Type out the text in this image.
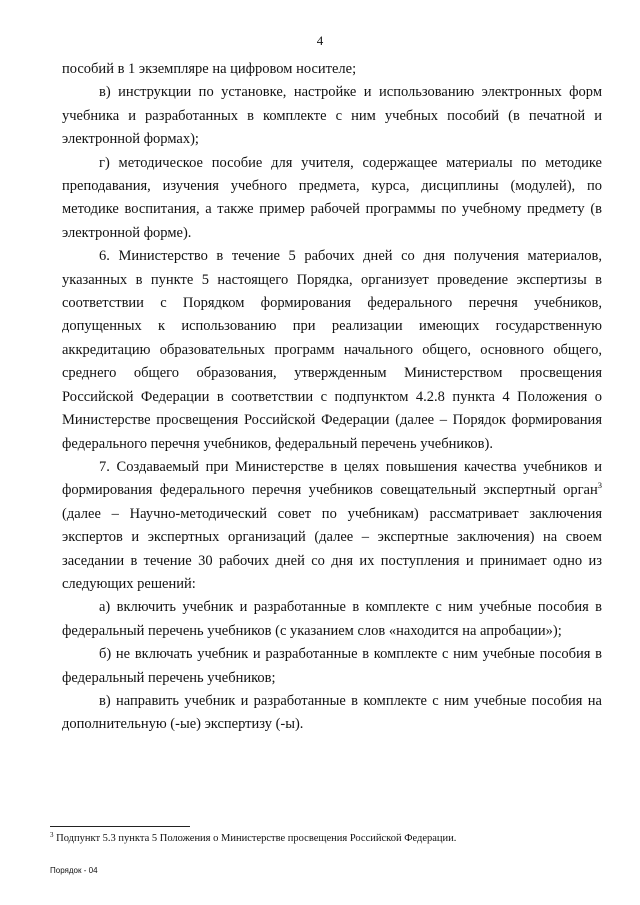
4

пособий в 1 экземпляре на цифровом носителе;

в) инструкции по установке, настройке и использованию электронных форм учебника и разработанных в комплекте с ним учебных пособий (в печатной и электронной формах);

г) методическое пособие для учителя, содержащее материалы по методике преподавания, изучения учебного предмета, курса, дисциплины (модулей), по методике воспитания, а также пример рабочей программы по учебному предмету (в электронной форме).

6. Министерство в течение 5 рабочих дней со дня получения материалов, указанных в пункте 5 настоящего Порядка, организует проведение экспертизы в соответствии с Порядком формирования федерального перечня учебников, допущенных к использованию при реализации имеющих государственную аккредитацию образовательных программ начального общего, основного общего, среднего общего образования, утвержденным Министерством просвещения Российской Федерации в соответствии с подпунктом 4.2.8 пункта 4 Положения о Министерстве просвещения Российской Федерации (далее – Порядок формирования федерального перечня учебников, федеральный перечень учебников).

7. Создаваемый при Министерстве в целях повышения качества учебников и формирования федерального перечня учебников совещательный экспертный орган$^3$ (далее – Научно-методический совет по учебникам) рассматривает заключения экспертов и экспертных организаций (далее – экспертные заключения) на своем заседании в течение 30 рабочих дней со дня их поступления и принимает одно из следующих решений:

а) включить учебник и разработанные в комплекте с ним учебные пособия в федеральный перечень учебников (с указанием слов «находится на апробации»);

б) не включать учебник и разработанные в комплекте с ним учебные пособия в федеральный перечень учебников;

в) направить учебник и разработанные в комплекте с ним учебные пособия на дополнительную (-ые) экспертизу (-ы).

$^3$ Подпункт 5.3 пункта 5 Положения о Министерстве просвещения Российской Федерации.
Порядок - 04
